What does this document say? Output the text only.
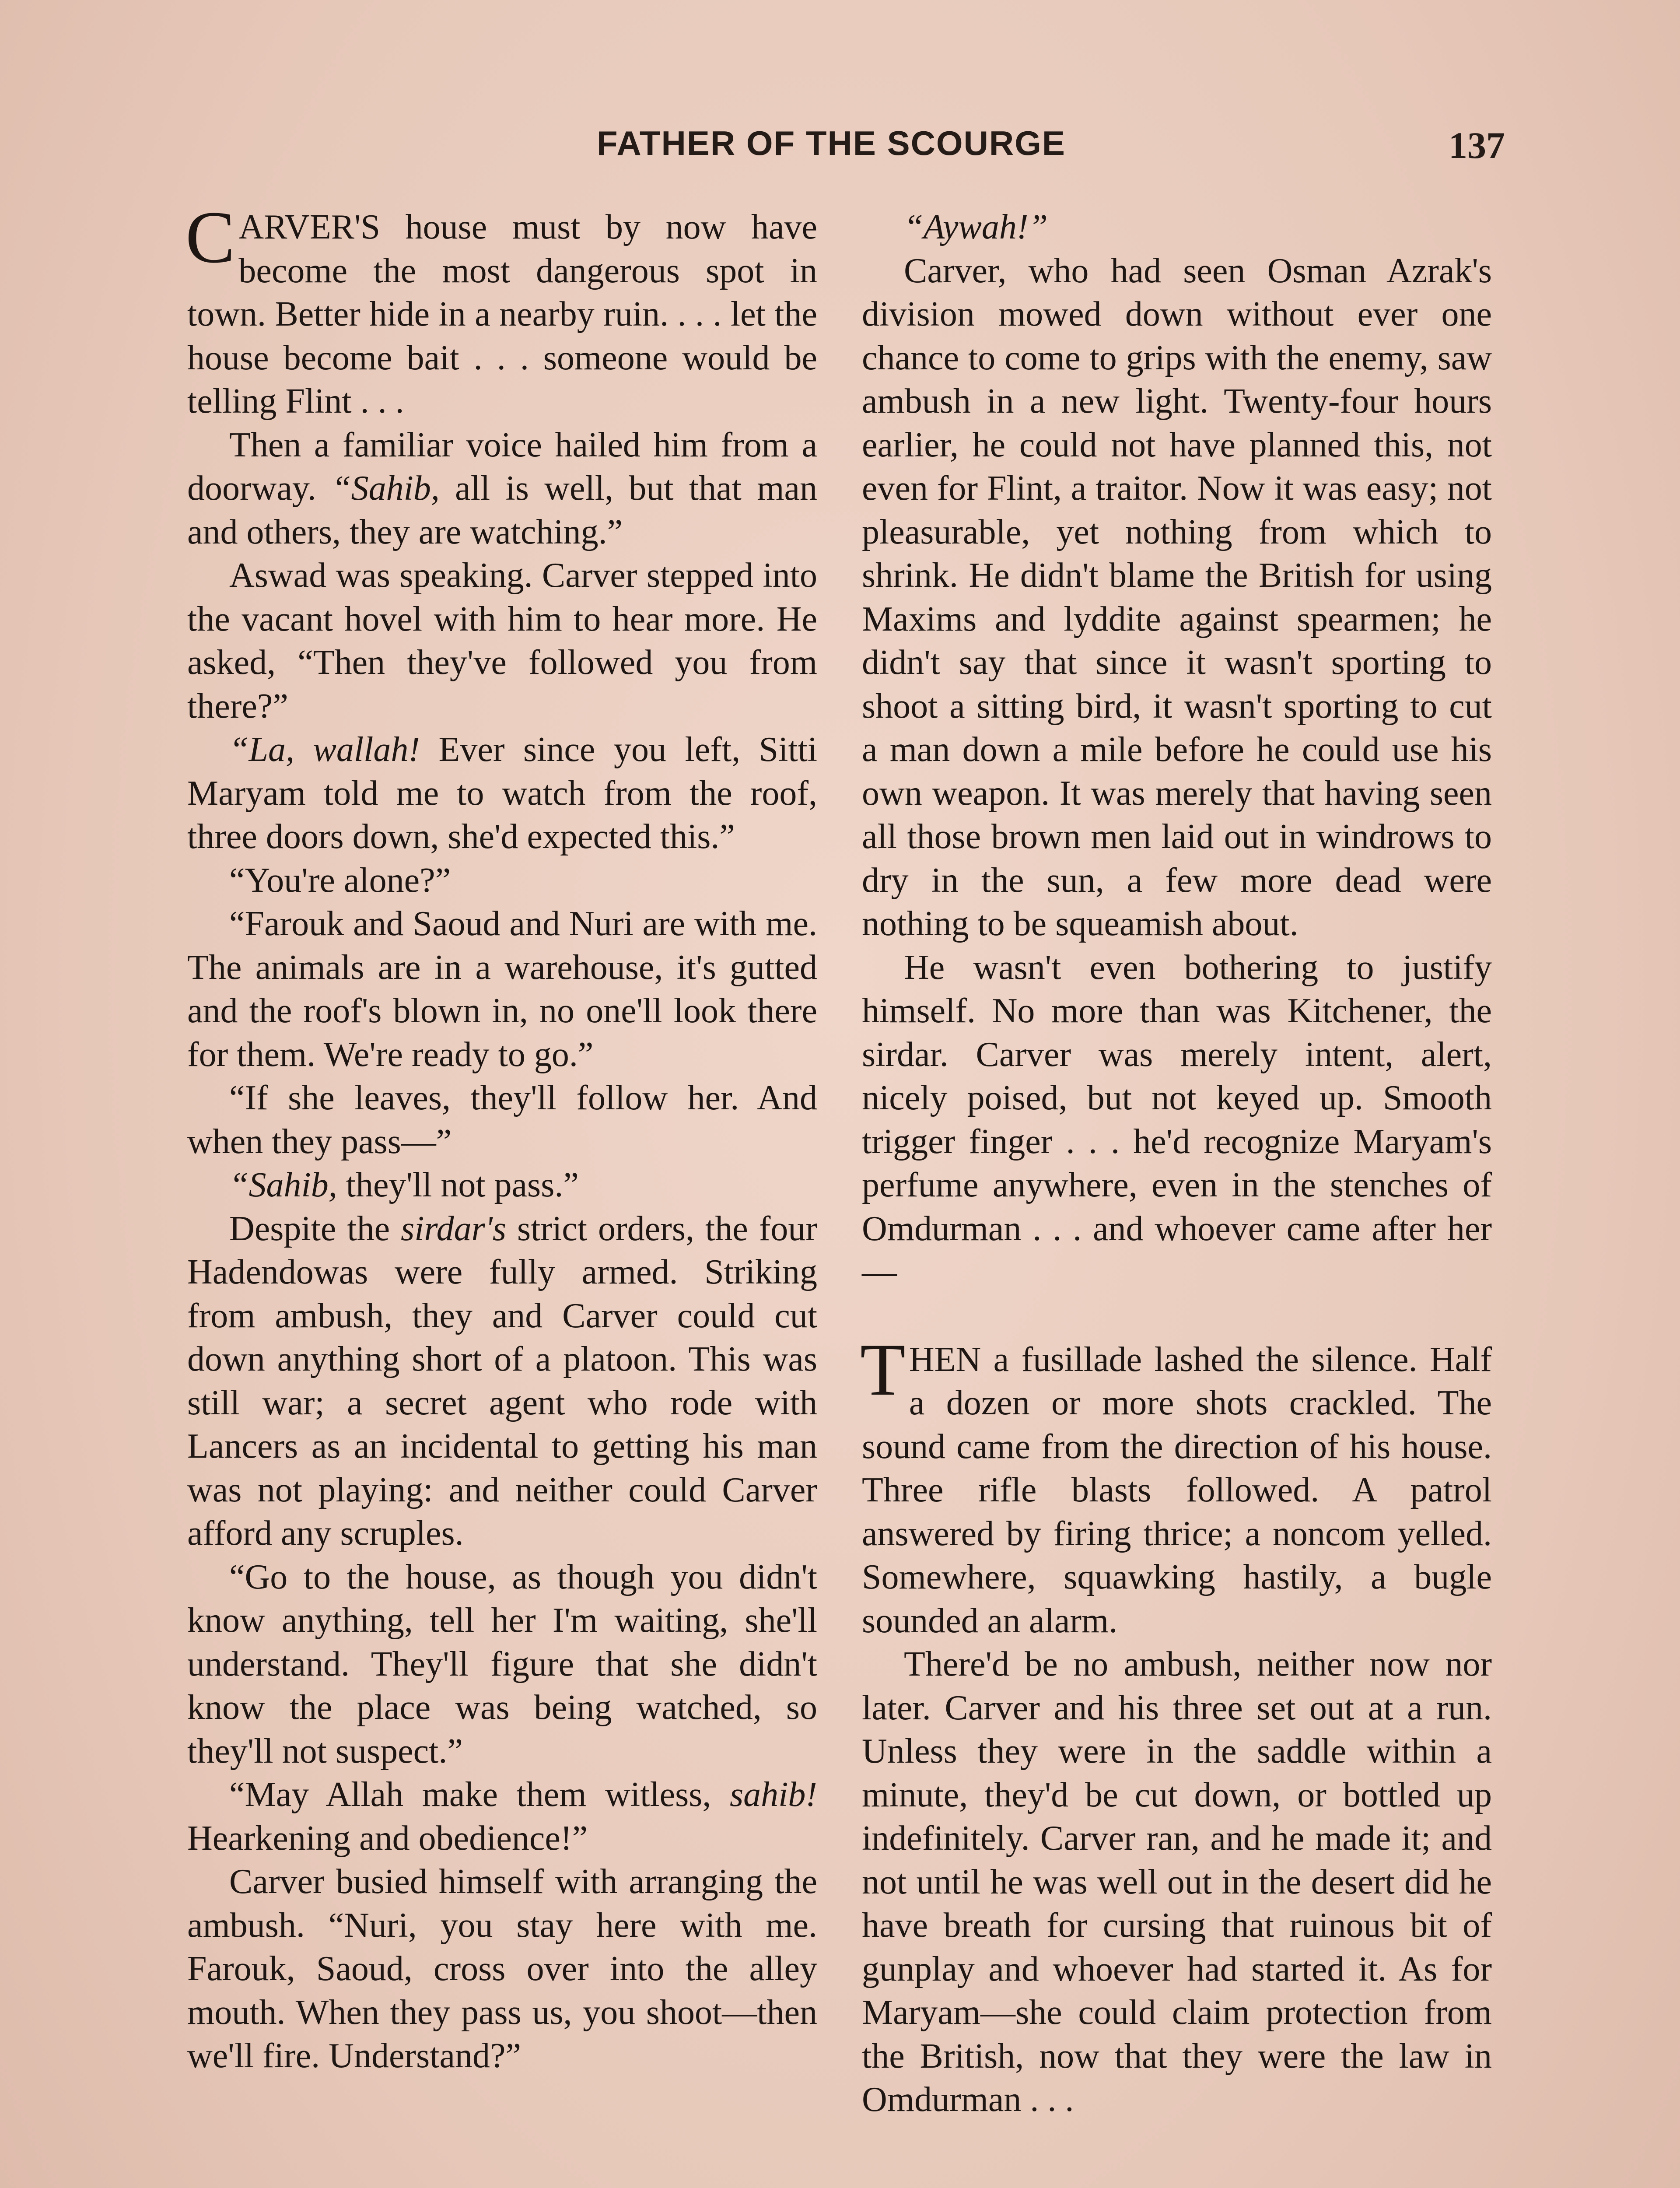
FATHER OF THE SCOURGE	137

CARVER'S house must by now have become the most dangerous spot in town. Better hide in a nearby ruin. . . . let the house become bait . . . someone would be telling Flint . . .

Then a familiar voice hailed him from a doorway. “Sahib, all is well, but that man and others, they are watching.”

Aswad was speaking. Carver stepped into the vacant hovel with him to hear more. He asked, “Then they've followed you from there?”

“La, wallah! Ever since you left, Sitti Maryam told me to watch from the roof, three doors down, she'd expected this.”

“You're alone?”

“Farouk and Saoud and Nuri are with me. The animals are in a warehouse, it's gutted and the roof's blown in, no one'll look there for them. We're ready to go.”

“If she leaves, they'll follow her. And when they pass—”

“Sahib, they'll not pass.”

Despite the sirdar's strict orders, the four Hadendowas were fully armed. Striking from ambush, they and Carver could cut down anything short of a platoon. This was still war; a secret agent who rode with Lancers as an incidental to getting his man was not playing: and neither could Carver afford any scruples.

“Go to the house, as though you didn't know anything, tell her I'm waiting, she'll understand. They'll figure that she didn't know the place was being watched, so they'll not suspect.”

“May Allah make them witless, sahib! Hearkening and obedience!”

Carver busied himself with arranging the ambush. “Nuri, you stay here with me. Farouk, Saoud, cross over into the alley mouth. When they pass us, you shoot—then we'll fire. Understand?”

“Aywah!”

Carver, who had seen Osman Azrak's division mowed down without ever one chance to come to grips with the enemy, saw ambush in a new light. Twenty-four hours earlier, he could not have planned this, not even for Flint, a traitor. Now it was easy; not pleasurable, yet nothing from which to shrink. He didn't blame the British for using Maxims and lyddite against spearmen; he didn't say that since it wasn't sporting to shoot a sitting bird, it wasn't sporting to cut a man down a mile before he could use his own weapon. It was merely that having seen all those brown men laid out in windrows to dry in the sun, a few more dead were nothing to be squeamish about.

He wasn't even bothering to justify himself. No more than was Kitchener, the sirdar. Carver was merely intent, alert, nicely poised, but not keyed up. Smooth trigger finger . . . he'd recognize Maryam's perfume anywhere, even in the stenches of Omdurman . . . and whoever came after her—

THEN a fusillade lashed the silence. Half a dozen or more shots crackled. The sound came from the direction of his house. Three rifle blasts followed. A patrol answered by firing thrice; a noncom yelled. Somewhere, squawking hastily, a bugle sounded an alarm.

There'd be no ambush, neither now nor later. Carver and his three set out at a run. Unless they were in the saddle within a minute, they'd be cut down, or bottled up indefinitely. Carver ran, and he made it; and not until he was well out in the desert did he have breath for cursing that ruinous bit of gunplay and whoever had started it. As for Maryam—she could claim protection from the British, now that they were the law in Omdurman . . .
